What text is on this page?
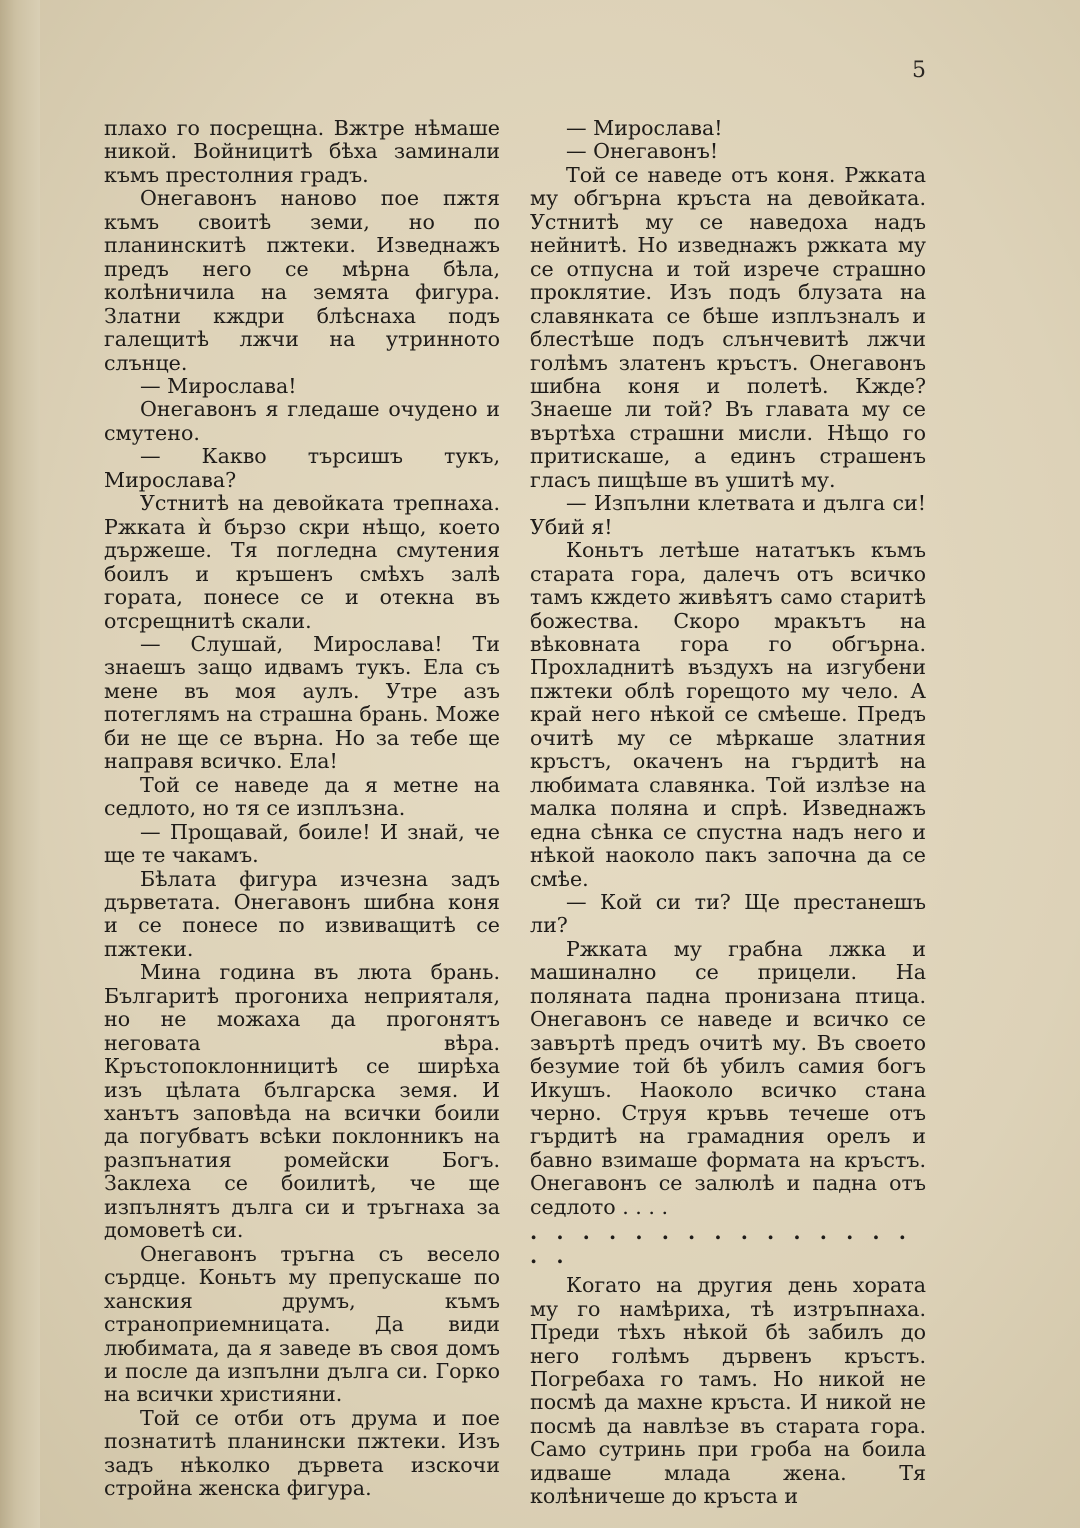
5

плахо го посрещна. Вжтре нѣмаше никой. Войницитѣ бѣха заминали къмъ престолния градъ.

Онегавонъ наново пое пжтя къмъ своитѣ земи, но по планинскитѣ пжтеки. Изведнажъ предъ него се мѣрна бѣла, колѣничила на земята фигура. Златни кждри блѣснаха подъ галещитѣ лжчи на утринното слънце.

— Мирослава!

Онегавонъ я гледаше очудено и смутено.

— Какво търсишъ тукъ, Мирослава?

Устнитѣ на девойката трепнаха. Ржката ѝ бързо скри нѣщо, което държеше. Тя погледна смутения боилъ и кръшенъ смѣхъ залѣ гората, понесе се и отекна въ отсрещнитѣ скали.

— Слушай, Мирослава! Ти знаешъ защо идвамъ тукъ. Ела съ мене въ моя аулъ. Утре азъ потеглямъ на страшна брань. Може би не ще се върна. Но за тебе ще направя всичко. Ела!

Той се наведе да я метне на седлото, но тя се изплъзна.

— Прощавай, боиле! И знай, че ще те чакамъ.

Бѣлата фигура изчезна задъ дърветата. Онегавонъ шибна коня и се понесе по извиващитѣ се пжтеки.

Мина година въ люта брань. Българитѣ прогониха неприяталя, но не можаха да прогонятъ неговата вѣра. Кръстопоклонницитѣ се ширѣха изъ цѣлата българска земя. И ханътъ заповѣда на всички боили да погубватъ всѣки поклонникъ на разпънатия ромейски Богъ. Заклеха се боилитѣ, че ще изпълнятъ дълга си и тръгнаха за домоветѣ си.

Онегавонъ тръгна съ весело сърдце. Коньтъ му препускаше по ханския друмъ, къмъ страноприемницата. Да види любимата, да я заведе въ своя домъ и после да изпълни дълга си. Горко на всички християни.

Той се отби отъ друма и пое познатитѣ планински пжтеки. Изъ задъ нѣколко дървета изскочи стройна женска фигура.

— Мирослава!

— Онегавонъ!

Той се наведе отъ коня. Ржката му обгърна кръста на девойката. Устнитѣ му се наведоха надъ нейнитѣ. Но изведнажъ ржката му се отпусна и той изрече страшно проклятие. Изъ подъ блузата на славянката се бѣше изплъзналъ и блестѣше подъ слънчевитѣ лжчи голѣмъ златенъ кръстъ. Онегавонъ шибна коня и полетѣ. Кжде? Знаеше ли той? Въ главата му се въртѣха страшни мисли. Нѣщо го притискаше, а единъ страшенъ гласъ пищѣше въ ушитѣ му.

— Изпълни клетвата и дълга си! Убий я!

Коньтъ летѣше нататъкъ къмъ старата гора, далечъ отъ всичко тамъ кждето живѣятъ само старитѣ божества. Скоро мракътъ на вѣковната гора го обгърна. Прохладнитѣ въздухъ на изгубени пжтеки облѣ горещото му чело. А край него нѣкой се смѣеше. Предъ очитѣ му се мѣркаше златния кръстъ, окаченъ на гърдитѣ на любимата славянка. Той излѣзе на малка поляна и спрѣ. Изведнажъ една сѣнка се спустна надъ него и нѣкой наоколо пакъ започна да се смѣе.

— Кой си ти? Ще престанешъ ли?

Ржката му грабна лжка и машинално се прицели. На поляната падна пронизана птица. Онегавонъ се наведе и всичко се завъртѣ предъ очитѣ му. Въ своето безумие той бѣ убилъ самия богъ Икушъ. Наоколо всичко стана черно. Струя кръвь течеше отъ гърдитѣ на грамадния орелъ и бавно взимаше формата на кръстъ. Онегавонъ се залюлѣ и падна отъ седлото . . . .

. . . . . . . . . . . . . . . . .

Когато на другия день хората му го намѣриха, тѣ изтръпнаха. Преди тѣхъ нѣкой бѣ забилъ до него голѣмъ дървенъ кръстъ. Погребаха го тамъ. Но никой не посмѣ да махне кръста. И никой не посмѣ да навлѣзе въ старата гора. Само сутринь при гроба на боила идваше млада жена. Тя колѣничеше до кръста и
